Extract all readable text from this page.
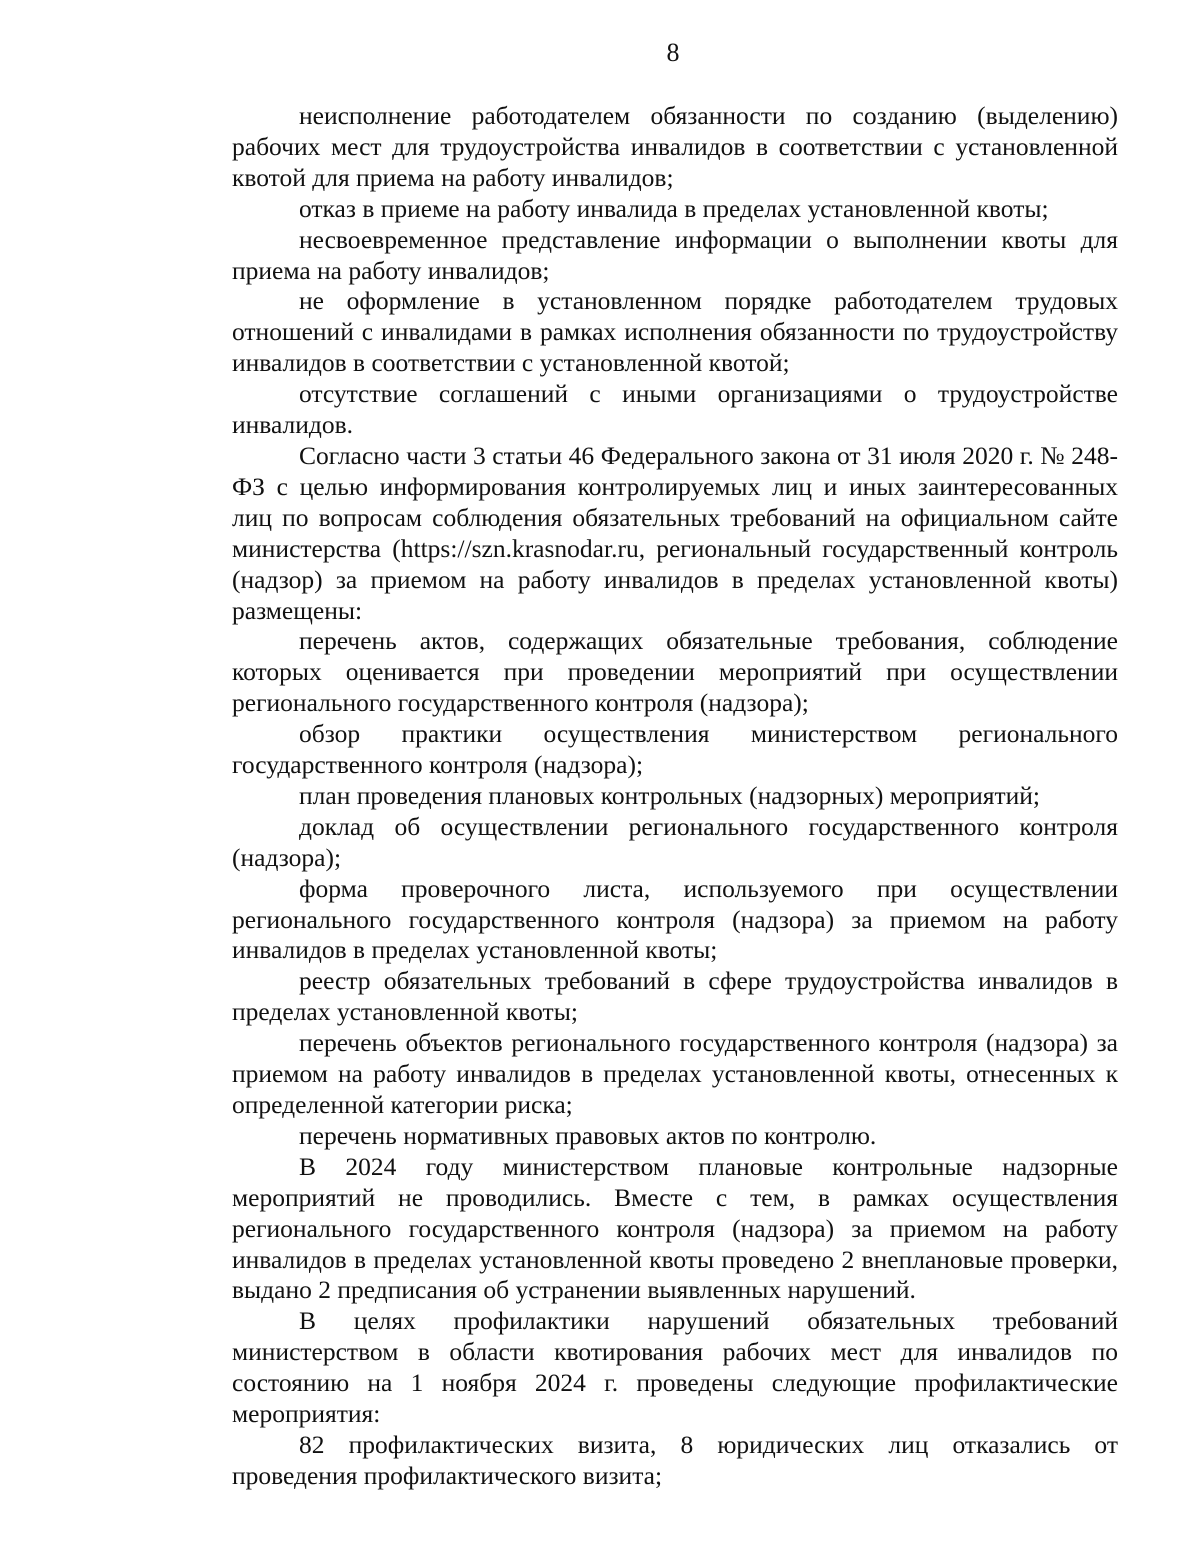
8

неисполнение работодателем обязанности по созданию (выделению) рабочих мест для трудоустройства инвалидов в соответствии с установленной квотой для приема на работу инвалидов;

отказ в приеме на работу инвалида в пределах установленной квоты;

несвоевременное представление информации о выполнении квоты для приема на работу инвалидов;

не оформление в установленном порядке работодателем трудовых отношений с инвалидами в рамках исполнения обязанности по трудоустройству инвалидов в соответствии с установленной квотой;

отсутствие соглашений с иными организациями о трудоустройстве инвалидов.

Согласно части 3 статьи 46 Федерального закона от 31 июля 2020 г. № 248-ФЗ с целью информирования контролируемых лиц и иных заинтересованных лиц по вопросам соблюдения обязательных требований на официальном сайте министерства (https://szn.krasnodar.ru, региональный государственный контроль (надзор) за приемом на работу инвалидов в пределах установленной квоты) размещены:

перечень актов, содержащих обязательные требования, соблюдение которых оценивается при проведении мероприятий при осуществлении регионального государственного контроля (надзора);

обзор практики осуществления министерством регионального государственного контроля (надзора);

план проведения плановых контрольных (надзорных) мероприятий;

доклад об осуществлении регионального государственного контроля (надзора);

форма проверочного листа, используемого при осуществлении регионального государственного контроля (надзора) за приемом на работу инвалидов в пределах установленной квоты;

реестр обязательных требований в сфере трудоустройства инвалидов в пределах установленной квоты;

перечень объектов регионального государственного контроля (надзора) за приемом на работу инвалидов в пределах установленной квоты, отнесенных к определенной категории риска;

перечень нормативных правовых актов по контролю.

В 2024 году министерством плановые контрольные надзорные мероприятий не проводились. Вместе с тем, в рамках осуществления регионального государственного контроля (надзора) за приемом на работу инвалидов в пределах установленной квоты проведено 2 внеплановые проверки, выдано 2 предписания об устранении выявленных нарушений.

В целях профилактики нарушений обязательных требований министерством в области квотирования рабочих мест для инвалидов по состоянию на 1 ноября 2024 г. проведены следующие профилактические мероприятия:

82 профилактических визита, 8 юридических лиц отказались от проведения профилактического визита;
